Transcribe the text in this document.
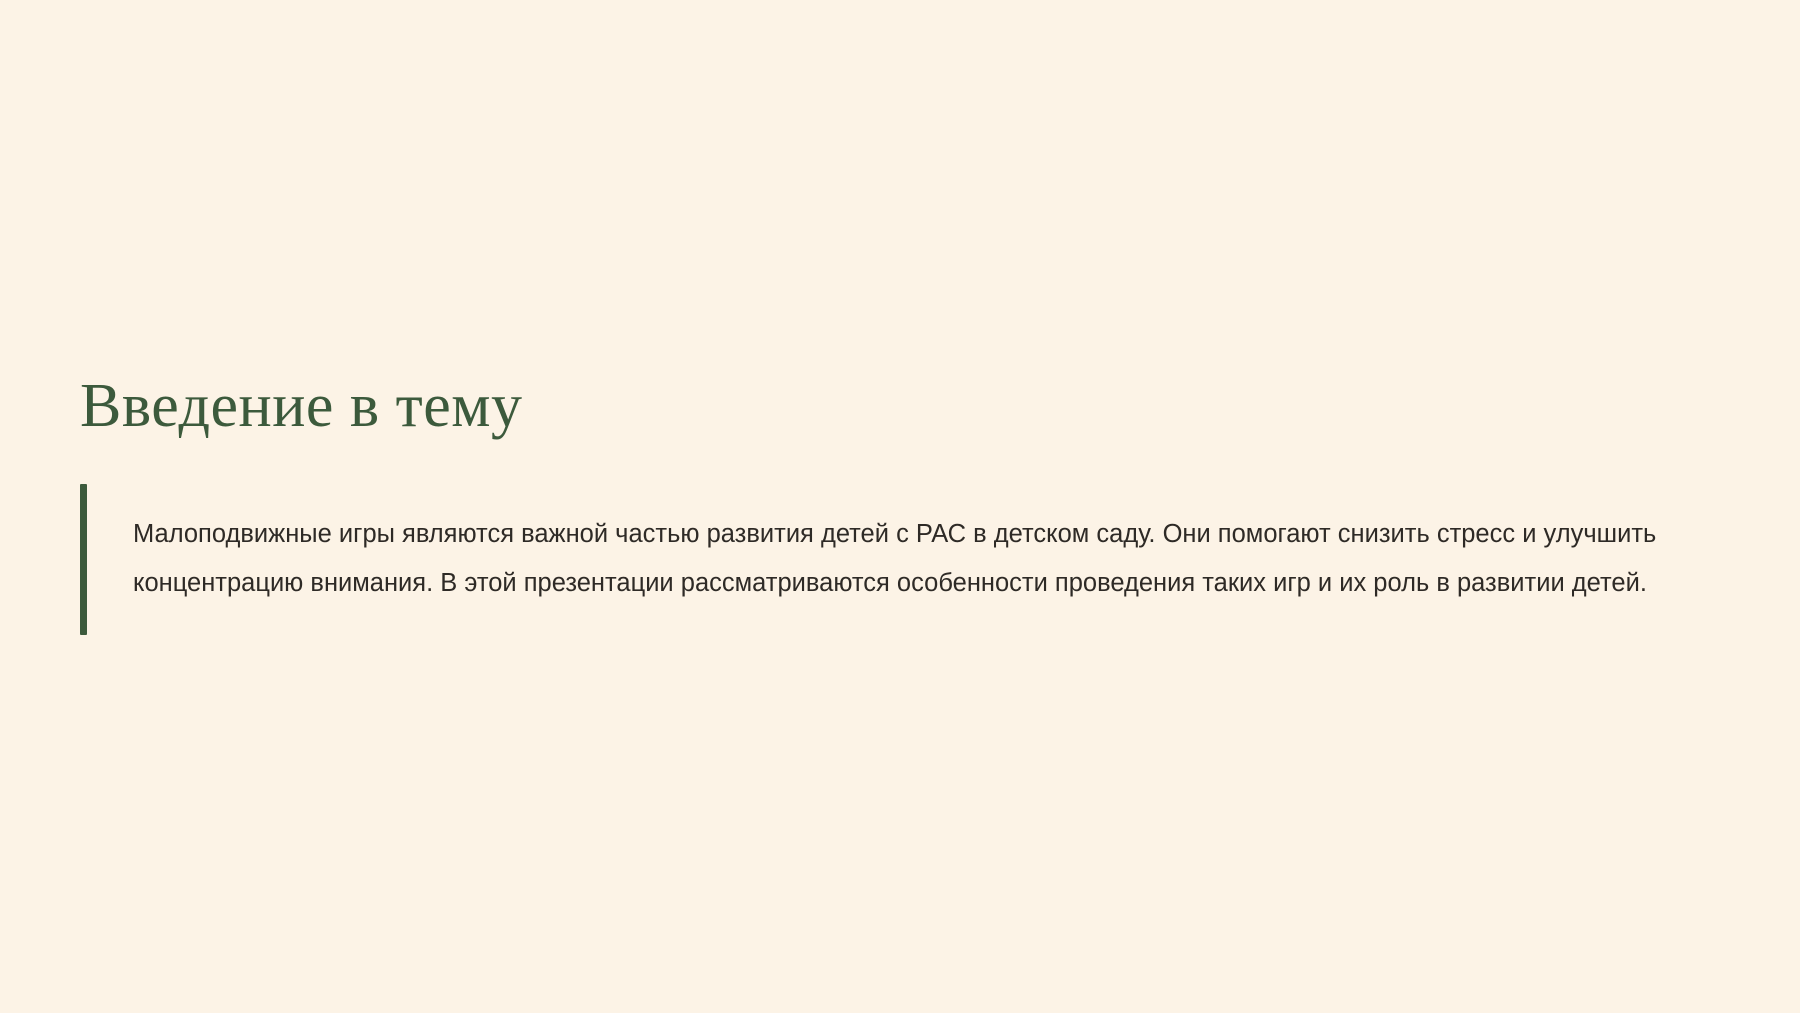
Введение в тему

Малоподвижные игры являются важной частью развития детей с РАС в детском саду. Они помогают снизить стресс и улучшить концентрацию внимания. В этой презентации рассматриваются особенности проведения таких игр и их роль в развитии детей.
